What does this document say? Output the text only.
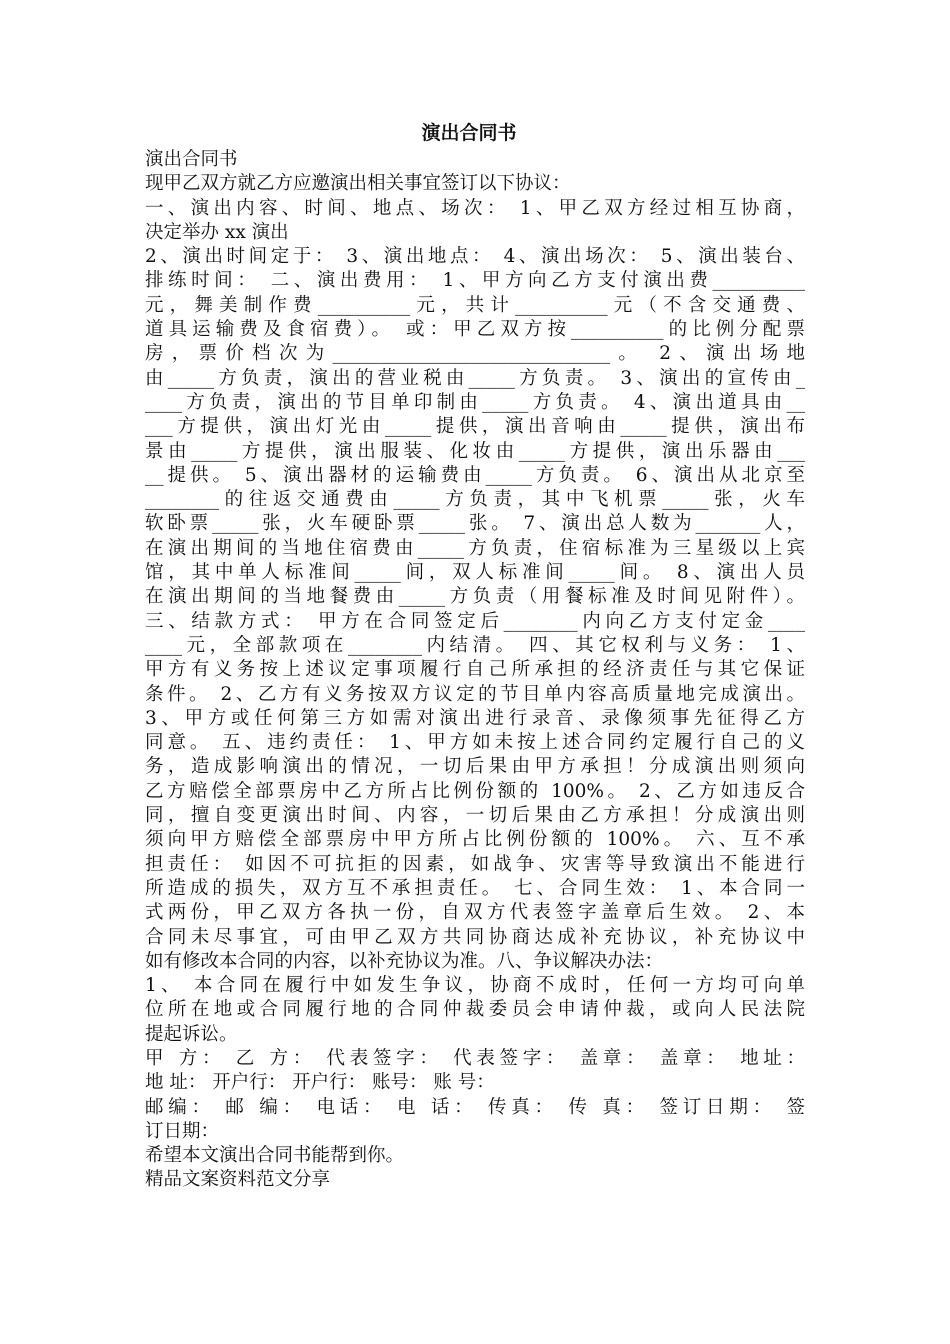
演出合同书
演出合同书
现甲乙双方就乙方应邀演出相关事宜签订以下协议：
一、演出内容、时间、地点、场次： 1、甲乙双方经过相互协商，
决定举办 xx 演出
2、演出时间定于： 3、演出地点： 4、演出场次： 5、演出装台、
排练时间： 二、演出费用： 1、甲方向乙方支付演出费__________
元，舞美制作费__________元，共计__________元（不含交通费、
道具运输费及食宿费）。 或：甲乙双方按__________的比例分配票
房，票价档次为______________________________。 2、演出场地
由_____方负责，演出的营业税由_____方负责。 3、演出的宣传由_
____方负责，演出的节目单印制由_____方负责。 4、演出道具由__
___方提供，演出灯光由_____提供，演出音响由_____提供，演出布
景由_____方提供，演出服装、化妆由_____方提供，演出乐器由___
__提供。 5、演出器材的运输费由_____方负责。 6、演出从北京至
________的往返交通费由_____方负责，其中飞机票_____张，火车
软卧票_____张，火车硬卧票_____张。 7、演出总人数为_______人，
在演出期间的当地住宿费由_____方负责，住宿标准为三星级以上宾
馆，其中单人标准间_____间，双人标准间_____间。 8、演出人员
在演出期间的当地餐费由_____方负责（用餐标准及时间见附件）。
三、结款方式： 甲方在合同签定后________内向乙方支付定金____
____元，全部款项在________内结清。 四、其它权利与义务： 1、
甲方有义务按上述议定事项履行自己所承担的经济责任与其它保证
条件。 2、乙方有义务按双方议定的节目单内容高质量地完成演出。
3、甲方或任何第三方如需对演出进行录音、录像须事先征得乙方
同意。 五、违约责任： 1、甲方如未按上述合同约定履行自己的义
务，造成影响演出的情况，一切后果由甲方承担！分成演出则须向
乙方赔偿全部票房中乙方所占比例份额的 100%。 2、乙方如违反合
同，擅自变更演出时间、内容，一切后果由乙方承担！分成演出则
须向甲方赔偿全部票房中甲方所占比例份额的 100%。 六、互不承
担责任： 如因不可抗拒的因素，如战争、灾害等导致演出不能进行
所造成的损失，双方互不承担责任。 七、合同生效： 1、本合同一
式两份，甲乙双方各执一份，自双方代表签字盖章后生效。 2、本
合同未尽事宜，可由甲乙双方共同协商达成补充协议，补充协议中
如有修改本合同的内容，以补充协议为准。八、争议解决办法：
1、 本合同在履行中如发生争议，协商不成时，任何一方均可向单
位所在地或合同履行地的合同仲裁委员会申请仲裁，或向人民法院
提起诉讼。
甲 方： 乙 方： 代表签字： 代表签字： 盖章： 盖章： 地址：
地 址： 开户行： 开户行： 账号： 账 号：
邮编： 邮 编： 电话： 电 话： 传真： 传 真： 签订日期： 签
订日期：
希望本文演出合同书能帮到你。
精品文案资料范文分享
